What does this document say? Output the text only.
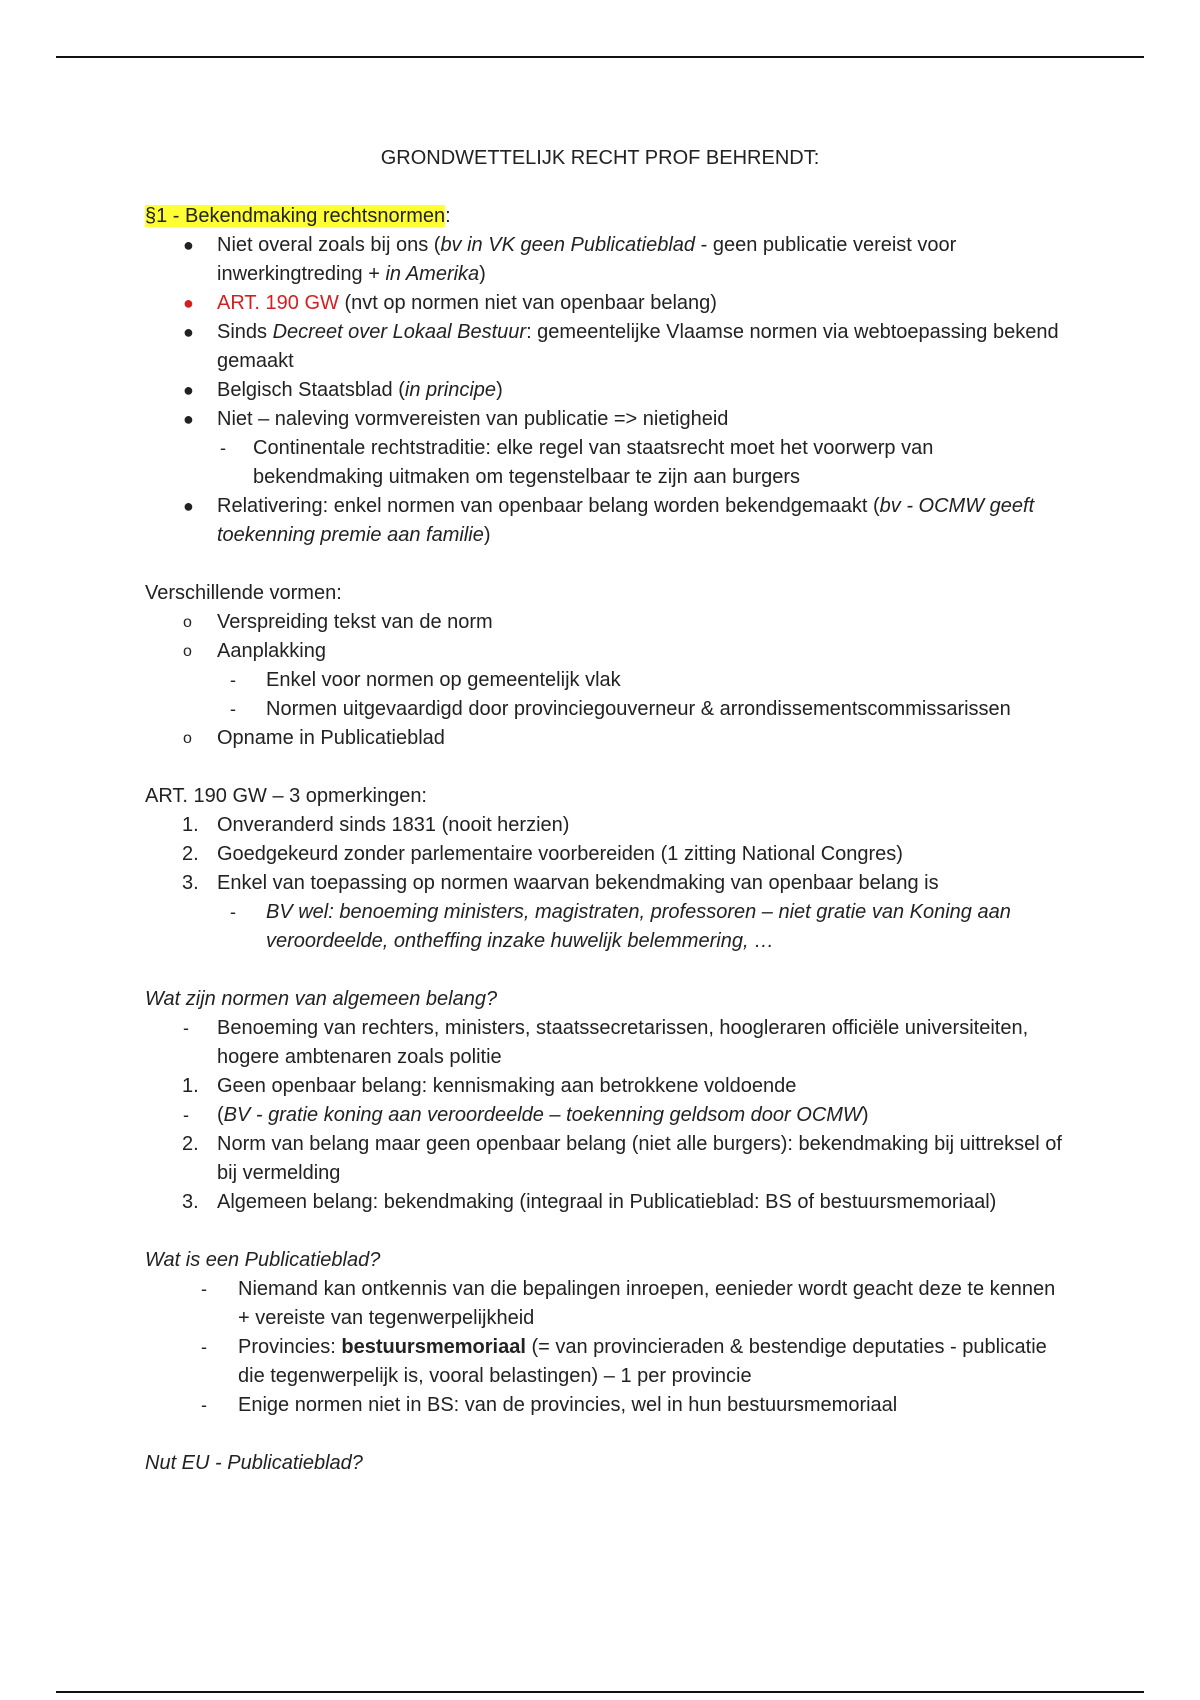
GRONDWETTELIJK RECHT PROF BEHRENDT:
§1 - Bekendmaking rechtsnormen:
●	Niet overal zoals bij ons (bv in VK geen Publicatieblad - geen publicatie vereist voor inwerkingtreding + in Amerika)
●	ART. 190 GW (nvt op normen niet van openbaar belang)
●	Sinds Decreet over Lokaal Bestuur: gemeentelijke Vlaamse normen via webtoepassing bekend gemaakt
●	Belgisch Staatsblad (in principe)
●	Niet – naleving vormvereisten van publicatie => nietigheid
-	Continentale rechtstraditie: elke regel van staatsrecht moet het voorwerp van bekendmaking uitmaken om tegenstelbaar te zijn aan burgers
●	Relativering: enkel normen van openbaar belang worden bekendgemaakt (bv - OCMW geeft toekenning premie aan familie)
Verschillende vormen:
o	Verspreiding tekst van de norm
o	Aanplakking
-	Enkel voor normen op gemeentelijk vlak
-	Normen uitgevaardigd door provinciegouverneur & arrondissementscommissarissen
o	Opname in Publicatieblad
ART. 190 GW – 3 opmerkingen:
1. Onveranderd sinds 1831 (nooit herzien)
2. Goedgekeurd zonder parlementaire voorbereiden (1 zitting National Congres)
3. Enkel van toepassing op normen waarvan bekendmaking van openbaar belang is
-	BV wel: benoeming ministers, magistraten, professoren – niet gratie van Koning aan veroordeelde, ontheffing inzake huwelijk belemmering, …
Wat zijn normen van algemeen belang?
-	Benoeming van rechters, ministers, staatssecretarissen, hoogleraren officiële universiteiten, hogere ambtenaren zoals politie
1. Geen openbaar belang: kennismaking aan betrokkene voldoende
-	(BV - gratie koning aan veroordeelde – toekenning geldsom door OCMW)
2. Norm van belang maar geen openbaar belang (niet alle burgers): bekendmaking bij uittreksel of bij vermelding
3. Algemeen belang: bekendmaking (integraal in Publicatieblad: BS of bestuursmemoriaal)
Wat is een Publicatieblad?
-	Niemand kan ontkennis van die bepalingen inroepen, eenieder wordt geacht deze te kennen + vereiste van tegenwerpelijkheid
-	Provincies: bestuursmemoriaal (= van provincieraden & bestendige deputaties - publicatie die tegenwerpelijk is, vooral belastingen) – 1 per provincie
-	Enige normen niet in BS: van de provincies, wel in hun bestuursmemoriaal
Nut EU - Publicatieblad?
